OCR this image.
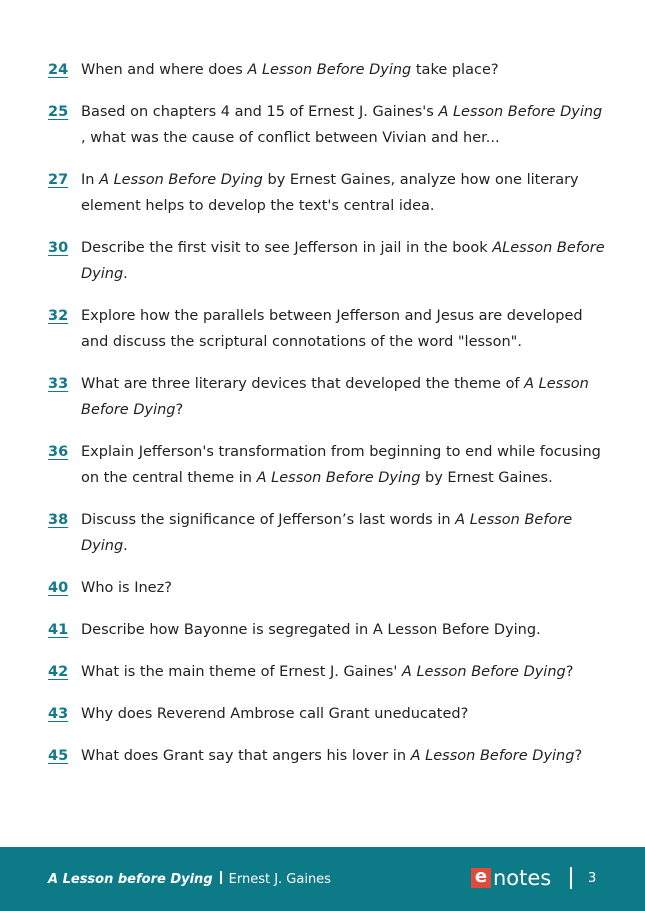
24 When and where does A Lesson Before Dying take place?
25 Based on chapters 4 and 15 of Ernest J. Gaines's A Lesson Before Dying , what was the cause of conflict between Vivian and her...
27 In A Lesson Before Dying by Ernest Gaines, analyze how one literary element helps to develop the text's central idea.
30 Describe the first visit to see Jefferson in jail in the book ALesson Before Dying.
32 Explore how the parallels between Jefferson and Jesus are developed and discuss the scriptural connotations of the word "lesson".
33 What are three literary devices that developed the theme of A Lesson Before Dying?
36 Explain Jefferson's transformation from beginning to end while focusing on the central theme in A Lesson Before Dying by Ernest Gaines.
38 Discuss the significance of Jefferson’s last words in A Lesson Before Dying.
40 Who is Inez?
41 Describe how Bayonne is segregated in A Lesson Before Dying.
42 What is the main theme of Ernest J. Gaines' A Lesson Before Dying?
43 Why does Reverend Ambrose call Grant uneducated?
45 What does Grant say that angers his lover in A Lesson Before Dying?
A Lesson before Dying Ernest J. Gaines	e notes	3
